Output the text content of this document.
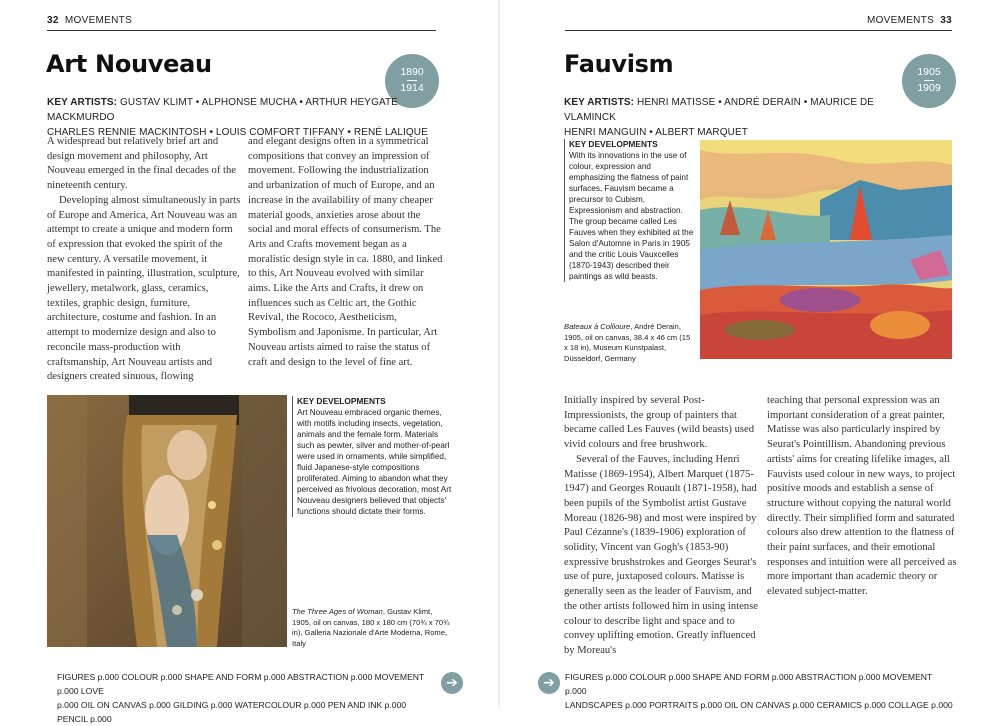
32 MOVEMENTS
Art Nouveau	1890
1914
KEY ARTISTS: GUSTAV KLIMT • ALPHONSE MUCHA • ARTHUR HEYGATE MACKMURDO
CHARLES RENNIE MACKINTOSH • LOUIS COMFORT TIFFANY • RENÉ LALIQUE

A widespread but relatively brief art and design movement and philosophy, Art Nouveau emerged in the final decades of the nineteenth century.

Developing almost simultaneously in parts of Europe and America, Art Nouveau was an attempt to create a unique and modern form of expression that evoked the spirit of the new century. A versatile movement, it manifested in painting, illustration, sculpture, jewellery, metalwork, glass, ceramics, textiles, graphic design, furniture, architecture, costume and fashion. In an attempt to modernize design and also to reconcile mass-production with craftsmanship, Art Nouveau artists and designers created sinuous, flowing

and elegant designs often in a symmetrical compositions that convey an impression of movement. Following the industrialization and urbanization of much of Europe, and an increase in the availability of many cheaper material goods, anxieties arose about the social and moral effects of consumerism. The Arts and Crafts movement began as a moralistic design style in ca. 1880, and linked to this, Art Nouveau evolved with similar aims. Like the Arts and Crafts, it drew on influences such as Celtic art, the Gothic Revival, the Rococo, Aestheticism, Symbolism and Japonisme. In particular, Art Nouveau artists aimed to raise the status of craft and design to the level of fine art.

KEY DEVELOPMENTS
Art Nouveau embraced organic themes, with motifs including insects, vegetation, animals and the female form. Materials such as pewter, silver and mother-of-pearl were used in ornaments, while simplified, fluid Japanese-style compositions proliferated. Aiming to abandon what they perceived as frivolous decoration, most Art Nouveau designers believed that objects' functions should dictate their forms.
The Three Ages of Woman, Gustav Klimt, 1905, oil on canvas, 180 x 180 cm (70¾ x 70¾ in), Galleria Nazionale d'Arte Moderna, Rome, Italy
FIGURES p.000 COLOUR p.000 SHAPE AND FORM p.000 ABSTRACTION p.000 MOVEMENT p.000 LOVE
p.000 OIL ON CANVAS p.000 GILDING p.000 WATERCOLOUR p.000 PEN AND INK p.000 PENCIL p.000
➔
MOVEMENTS 33
Fauvism	1905
1909
KEY ARTISTS: HENRI MATISSE • ANDRÉ DERAIN • MAURICE DE VLAMINCK
HENRI MANGUIN • ALBERT MARQUET
KEY DEVELOPMENTS
With its innovations in the use of colour, expression and emphasizing the flatness of paint surfaces, Fauvism became a precursor to Cubism, Expressionism and abstraction. The group became called Les Fauves when they exhibited at the Salon d'Automne in Paris in 1905 and the critic Louis Vauxcelles (1870-1943) described their paintings as wild beasts.
Bateaux à Collioure, André Derain, 1905, oil on canvas, 38.4 x 46 cm (15 x 18 in), Museum Kunstpalast, Düsseldorf, Germany

Initially inspired by several Post-Impressionists, the group of painters that became called Les Fauves (wild beasts) used vivid colours and free brushwork.

Several of the Fauves, including Henri Matisse (1869-1954), Albert Marquet (1875-1947) and Georges Rouault (1871-1958), had been pupils of the Symbolist artist Gustave Moreau (1826-98) and most were inspired by Paul Cézanne's (1839-1906) exploration of solidity, Vincent van Gogh's (1853-90) expressive brushstrokes and Georges Seurat's use of pure, juxtaposed colours. Matisse is generally seen as the leader of Fauvism, and the other artists followed him in using intense colour to describe light and space and to convey uplifting emotion. Greatly influenced by Moreau's

teaching that personal expression was an important consideration of a great painter, Matisse was also particularly inspired by Seurat's Pointillism. Abandoning previous artists' aims for creating lifelike images, all Fauvists used colour in new ways, to project positive moods and establish a sense of structure without copying the natural world directly. Their simplified form and saturated colours also drew attention to the flatness of their paint surfaces, and their emotional responses and intuition were all perceived as more important than academic theory or elevated subject-matter.

➔	FIGURES p.000 COLOUR p.000 SHAPE AND FORM p.000 ABSTRACTION p.000 MOVEMENT p.000
LANDSCAPES p.000 PORTRAITS p.000 OIL ON CANVAS p.000 CERAMICS p.000 COLLAGE p.000
